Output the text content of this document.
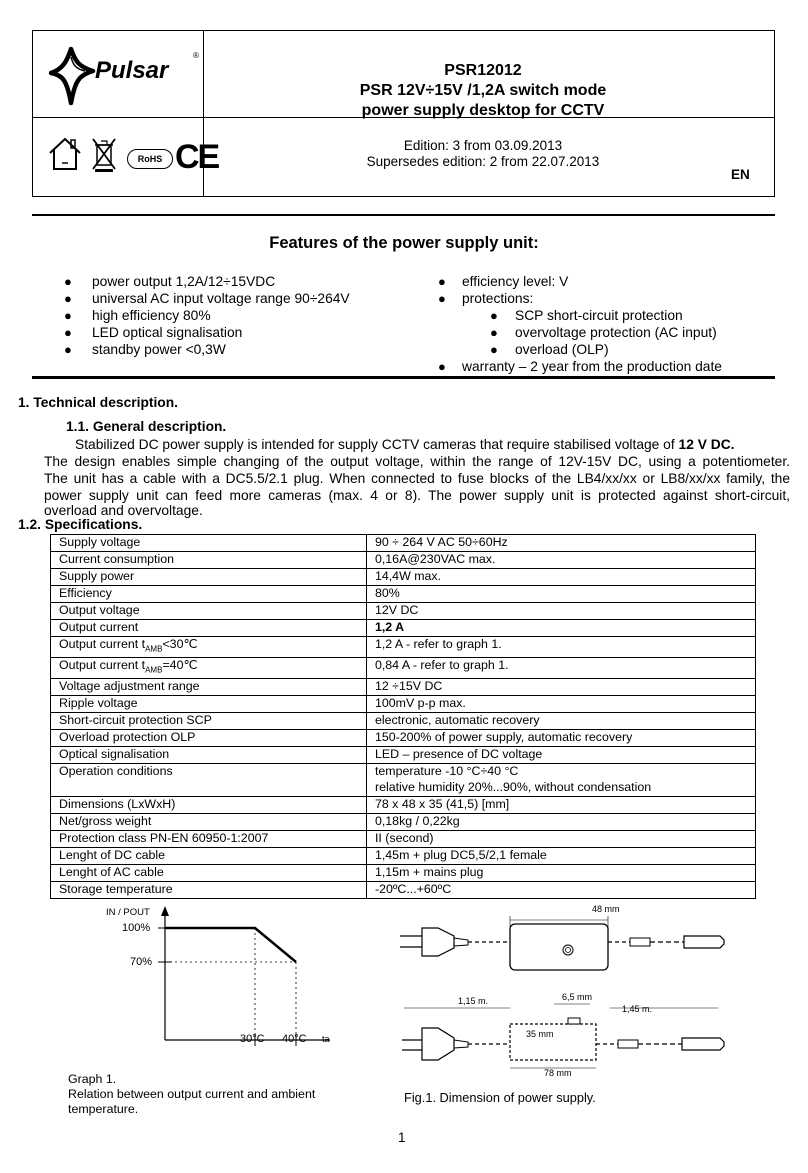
Pulsar
®
PSR12012
PSR 12V÷15V /1,2A switch mode
power supply desktop for CCTV
RoHS CE	Edition: 3 from 03.09.2013
Supersedes edition: 2 from 22.07.2013
EN
Features of the power supply unit:
● power output 1,2A/12÷15VDC
● universal AC input voltage range 90÷264V
● high efficiency 80%
● LED optical signalisation
● standby power <0,3W
● efficiency level: V
● protections:
● SCP short-circuit protection
● overvoltage protection (AC input)
● overload (OLP)
● warranty – 2 year from the production date
1. Technical description.
1.1. General description.
Stabilized DC power supply is intended for supply CCTV cameras that require stabilised voltage of 12 V DC.
The design enables simple changing of the output voltage, within the range of 12V-15V DC, using a potentiometer.
The unit has a cable with a DC5.5/2.1 plug. When connected to fuse blocks of the LB4/xx/xx or LB8/xx/xx family, the
power supply unit can feed more cameras (max. 4 or 8). The power supply unit is protected against short-circuit,
overload and overvoltage.
1.2. Specifications.
Supply voltage	90 ÷ 264 V AC 50÷60Hz
Current consumption	0,16A@230VAC max.
Supply power	14,4W max.
Efficiency	80%
Output voltage	12V DC
Output current	1,2 A
Output current $t_{AMB}<30℃$	1,2 A - refer to graph 1.
Output current $t_{AMB}=40℃$	0,84 A - refer to graph 1.
Voltage adjustment range	12 ÷15V DC
Ripple voltage	100mV p-p max.
Short-circuit protection SCP	electronic, automatic recovery
Overload protection OLP	150-200% of power supply, automatic recovery
Optical signalisation	LED – presence of DC voltage
Operation conditions	temperature -10 °C÷40 °C
	relative humidity 20%...90%, without condensation
Dimensions (LxWxH)	78 x 48 x 35 (41,5) [mm]
Net/gross weight	0,18kg / 0,22kg
Protection class PN-EN 60950-1:2007	II (second)
Lenght of DC cable	1,45m + plug DC5,5/2,1 female
Lenght of AC cable	1,15m + mains plug
Storage temperature	-20ºC...+60ºC
IN / POUT
100%
70%
30°C 40°C ta
Graph 1.
Relation between output current and ambient
temperature.
48 mm
1,15 m.	6,5 mm
1,45 m.
35 mm
78 mm
Fig.1. Dimension of power supply.
1
